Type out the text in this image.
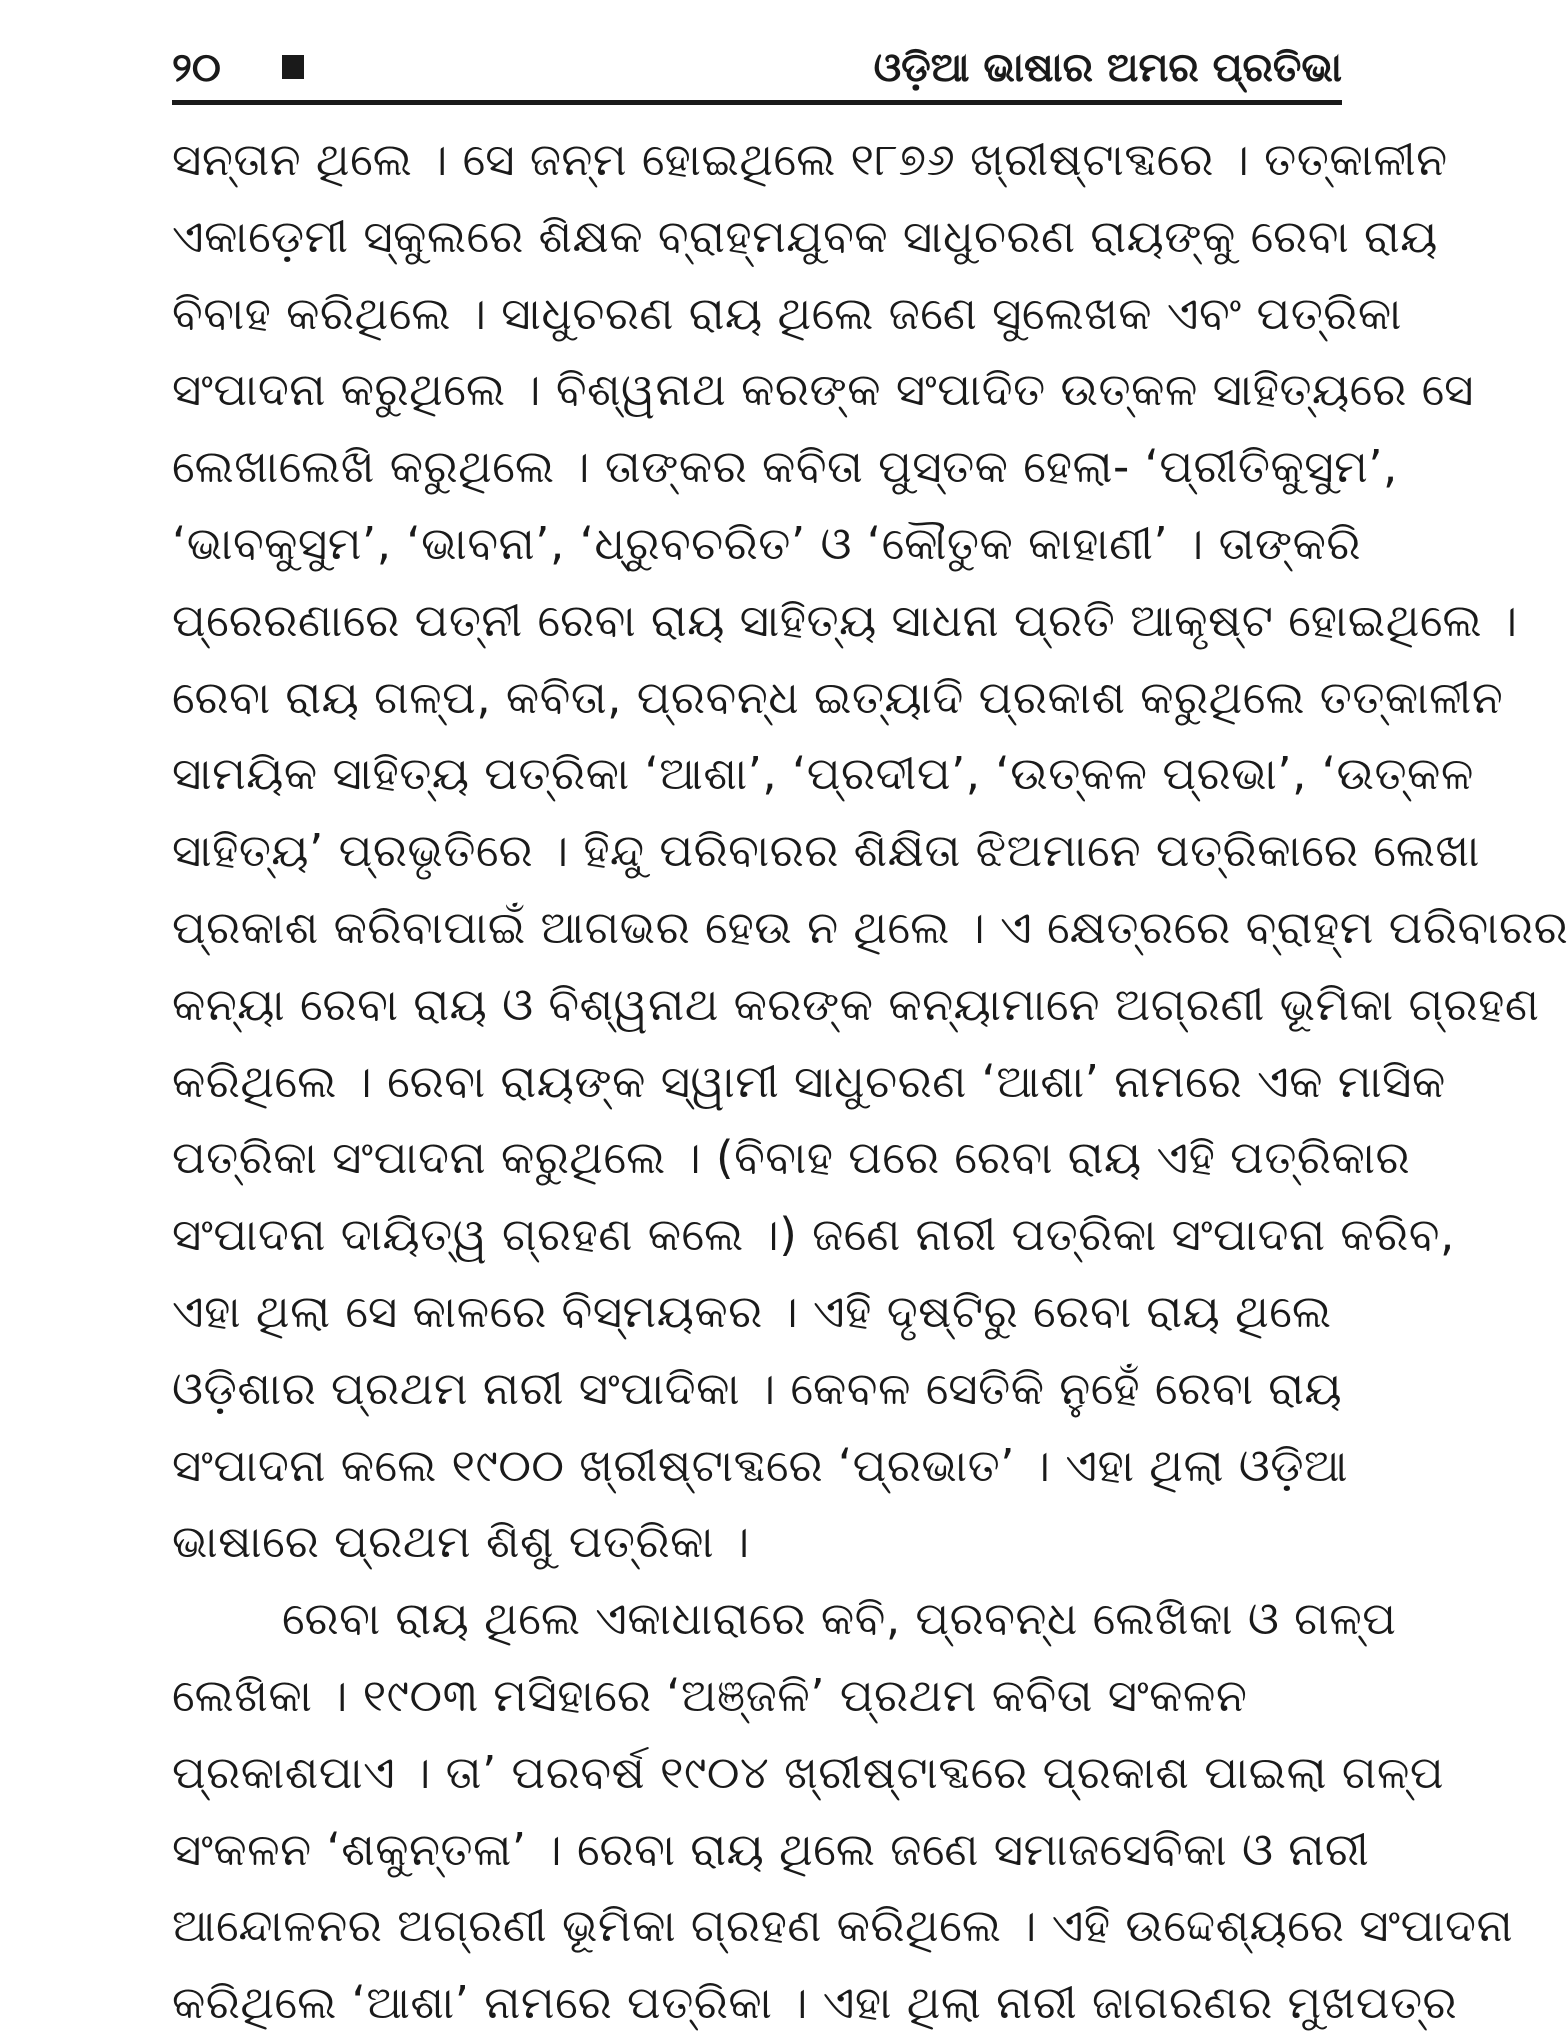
୨୦	ଓଡ଼ିଆ ଭାଷାର ଅମର ପ୍ରତିଭା
ସନ୍ତାନ ଥିଲେ । ସେ ଜନ୍ମ ହୋଇଥିଲେ ୧୮୭୬ ଖ୍ରୀଷ୍ଟାବ୍ଦରେ । ତତ୍କାଳୀନ
ଏକାଡ଼େମୀ ସ୍କୁଲରେ ଶିକ୍ଷକ ବ୍ରାହ୍ମଯୁବକ ସାଧୁଚରଣ ରାୟଙ୍କୁ ରେବା ରାୟ
ବିବାହ କରିଥିଲେ । ସାଧୁଚରଣ ରାୟ ଥିଲେ ଜଣେ ସୁଲେଖକ ଏବଂ ପତ୍ରିକା
ସଂପାଦନା କରୁଥିଲେ । ବିଶ୍ୱନାଥ କରଙ୍କ ସଂପାଦିତ ଉତ୍କଳ ସାହିତ୍ୟରେ ସେ
ଲେଖାଲେଖି କରୁଥିଲେ । ତାଙ୍କର କବିତା ପୁସ୍ତକ ହେଲା- ‘ପ୍ରୀତିକୁସୁମ’,
‘ଭାବକୁସୁମ’, ‘ଭାବନା’, ‘ଧ୍ରୁବଚରିତ’ ଓ ‘କୌତୁକ କାହାଣୀ’ । ତାଙ୍କରି
ପ୍ରେରଣାରେ ପତ୍ନୀ ରେବା ରାୟ ସାହିତ୍ୟ ସାଧନା ପ୍ରତି ଆକୃଷ୍ଟ ହୋଇଥିଲେ ।
ରେବା ରାୟ ଗଳ୍ପ, କବିତା, ପ୍ରବନ୍ଧ ଇତ୍ୟାଦି ପ୍ରକାଶ କରୁଥିଲେ ତତ୍କାଳୀନ
ସାମୟିକ ସାହିତ୍ୟ ପତ୍ରିକା ‘ଆଶା’, ‘ପ୍ରଦୀପ’, ‘ଉତ୍କଳ ପ୍ରଭା’, ‘ଉତ୍କଳ
ସାହିତ୍ୟ’ ପ୍ରଭୃତିରେ । ହିନ୍ଦୁ ପରିବାରର ଶିକ୍ଷିତା ଝିଅମାନେ ପତ୍ରିକାରେ ଲେଖା
ପ୍ରକାଶ କରିବାପାଇଁ ଆଗଭର ହେଉ ନ ଥିଲେ । ଏ କ୍ଷେତ୍ରରେ ବ୍ରାହ୍ମ ପରିବାରର
କନ୍ୟା ରେବା ରାୟ ଓ ବିଶ୍ୱନାଥ କରଙ୍କ କନ୍ୟାମାନେ ଅଗ୍ରଣୀ ଭୂମିକା ଗ୍ରହଣ
କରିଥିଲେ । ରେବା ରାୟଙ୍କ ସ୍ୱାମୀ ସାଧୁଚରଣ ‘ଆଶା’ ନାମରେ ଏକ ମାସିକ
ପତ୍ରିକା ସଂପାଦନା କରୁଥିଲେ । (ବିବାହ ପରେ ରେବା ରାୟ ଏହି ପତ୍ରିକାର
ସଂପାଦନା ଦାୟିତ୍ୱ ଗ୍ରହଣ କଲେ ।) ଜଣେ ନାରୀ ପତ୍ରିକା ସଂପାଦନା କରିବ,
ଏହା ଥିଲା ସେ କାଳରେ ବିସ୍ମୟକର । ଏହି ଦୃଷ୍ଟିରୁ ରେବା ରାୟ ଥିଲେ
ଓଡ଼ିଶାର ପ୍ରଥମ ନାରୀ ସଂପାଦିକା । କେବଳ ସେତିକି ନୁହେଁ ରେବା ରାୟ
ସଂପାଦନା କଲେ ୧୯୦୦ ଖ୍ରୀଷ୍ଟାବ୍ଦରେ ‘ପ୍ରଭାତ’ । ଏହା ଥିଲା ଓଡ଼ିଆ
ଭାଷାରେ ପ୍ରଥମ ଶିଶୁ ପତ୍ରିକା ।
ରେବା ରାୟ ଥିଲେ ଏକାଧାରାରେ କବି, ପ୍ରବନ୍ଧ ଲେଖିକା ଓ ଗଳ୍ପ
ଲେଖିକା । ୧୯୦୩ ମସିହାରେ ‘ଅଞ୍ଜଳି’ ପ୍ରଥମ କବିତା ସଂକଳନ
ପ୍ରକାଶପାଏ । ତା’ ପରବର୍ଷ ୧୯୦୪ ଖ୍ରୀଷ୍ଟାବ୍ଦରେ ପ୍ରକାଶ ପାଇଲା ଗଳ୍ପ
ସଂକଳନ ‘ଶକୁନ୍ତଳା’ । ରେବା ରାୟ ଥିଲେ ଜଣେ ସମାଜସେବିକା ଓ ନାରୀ
ଆନ୍ଦୋଳନର ଅଗ୍ରଣୀ ଭୂମିକା ଗ୍ରହଣ କରିଥିଲେ । ଏହି ଉଦ୍ଦେଶ୍ୟରେ ସଂପାଦନା
କରିଥିଲେ ‘ଆଶା’ ନାମରେ ପତ୍ରିକା । ଏହା ଥିଲା ନାରୀ ଜାଗରଣର ମୁଖପତ୍ର
